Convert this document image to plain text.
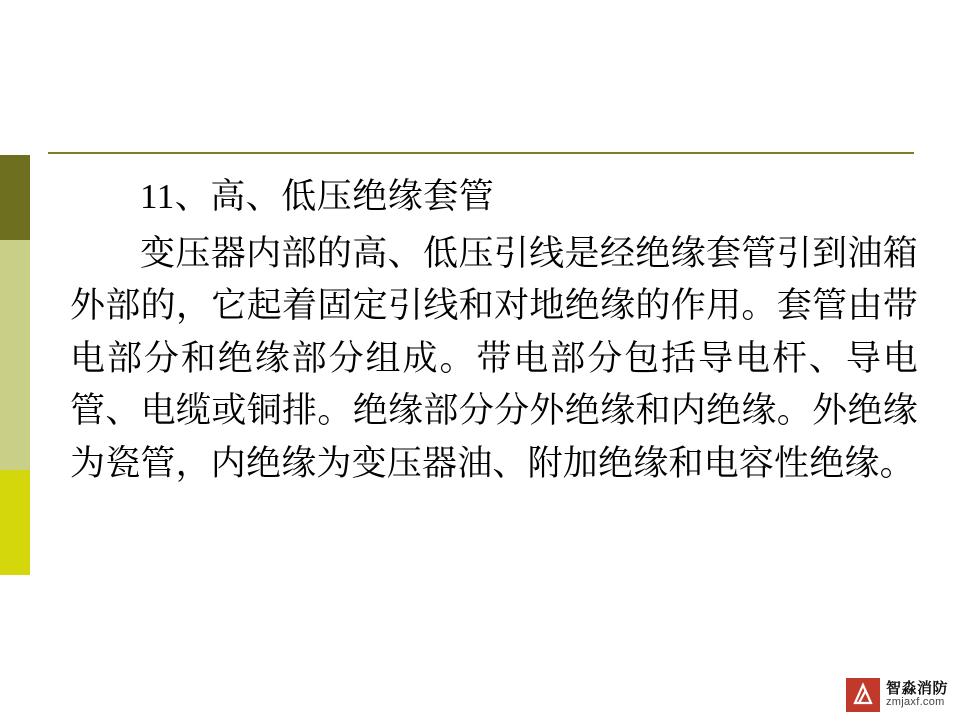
11、高、低压绝缘套管

变压器内部的高、低压引线是经绝缘套管引到油箱外部的，它起着固定引线和对地绝缘的作用。套管由带电部分和绝缘部分组成。带电部分包括导电杆、导电管、电缆或铜排。绝缘部分分外绝缘和内绝缘。外绝缘为瓷管，内绝缘为变压器油、附加绝缘和电容性绝缘。

智淼消防
zmjaxf.com
